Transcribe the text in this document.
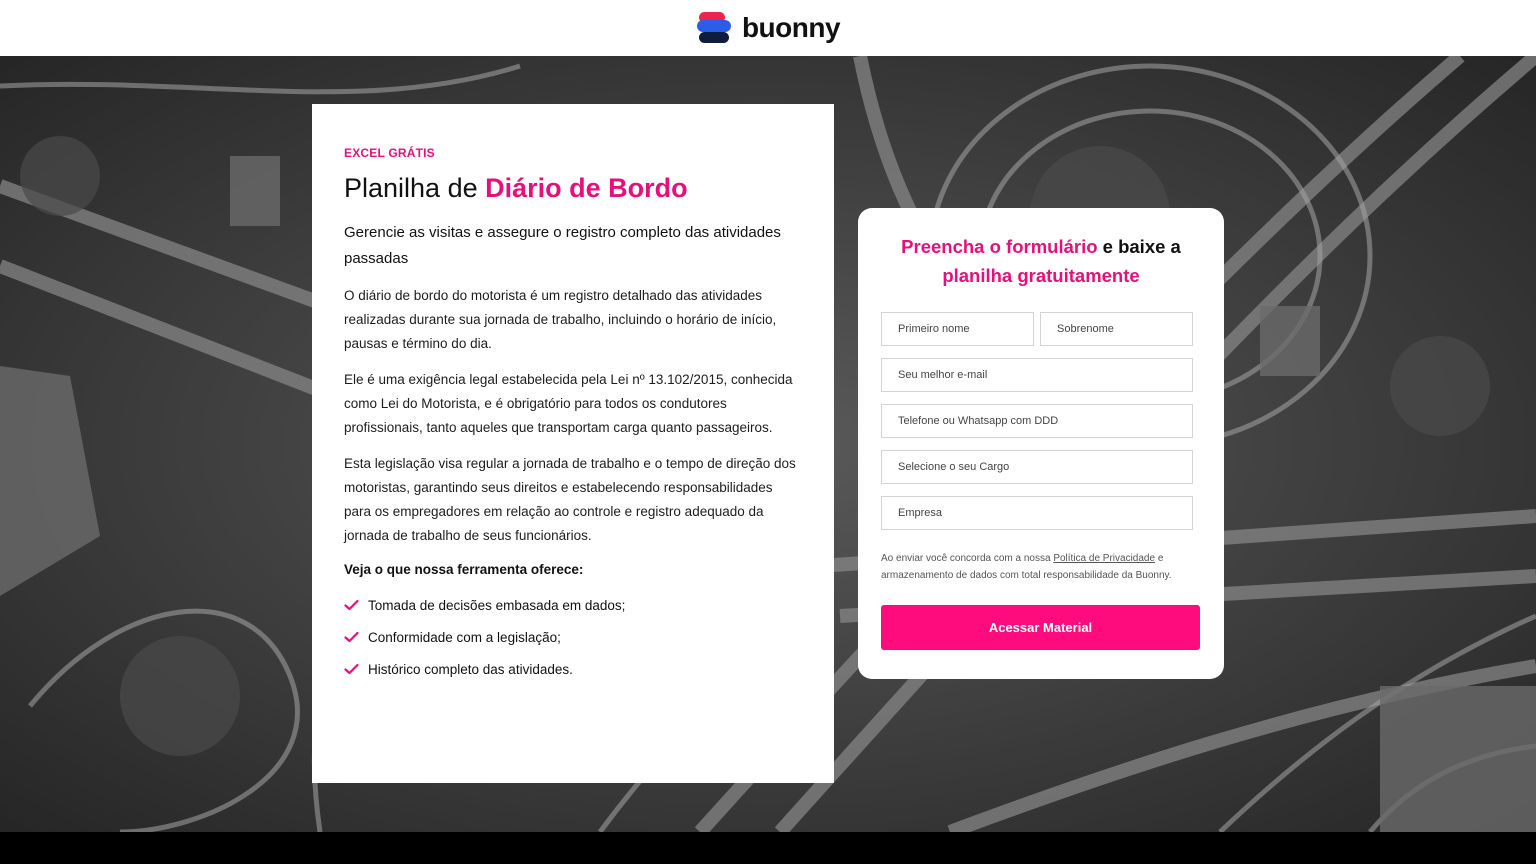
buonny

EXCEL GRÁTIS

Planilha de Diário de Bordo

Gerencie as visitas e assegure o registro completo das atividades passadas

O diário de bordo do motorista é um registro detalhado das atividades realizadas durante sua jornada de trabalho, incluindo o horário de início, pausas e término do dia.

Ele é uma exigência legal estabelecida pela Lei nº 13.102/2015, conhecida como Lei do Motorista, e é obrigatório para todos os condutores profissionais, tanto aqueles que transportam carga quanto passageiros.

Esta legislação visa regular a jornada de trabalho e o tempo de direção dos motoristas, garantindo seus direitos e estabelecendo responsabilidades para os empregadores em relação ao controle e registro adequado da jornada de trabalho de seus funcionários.

Veja o que nossa ferramenta oferece:

Tomada de decisões embasada em dados;
Conformidade com a legislação;
Histórico completo das atividades.
Preencha o formulário e baixe a
planilha gratuitamente
Primeiro nome
Sobrenome
Seu melhor e-mail
Telefone ou Whatsapp com DDD
Selecione o seu Cargo
Empresa

Ao enviar você concorda com a nossa Política de Privacidade e armazenamento de dados com total responsabilidade da Buonny.

Acessar Material
